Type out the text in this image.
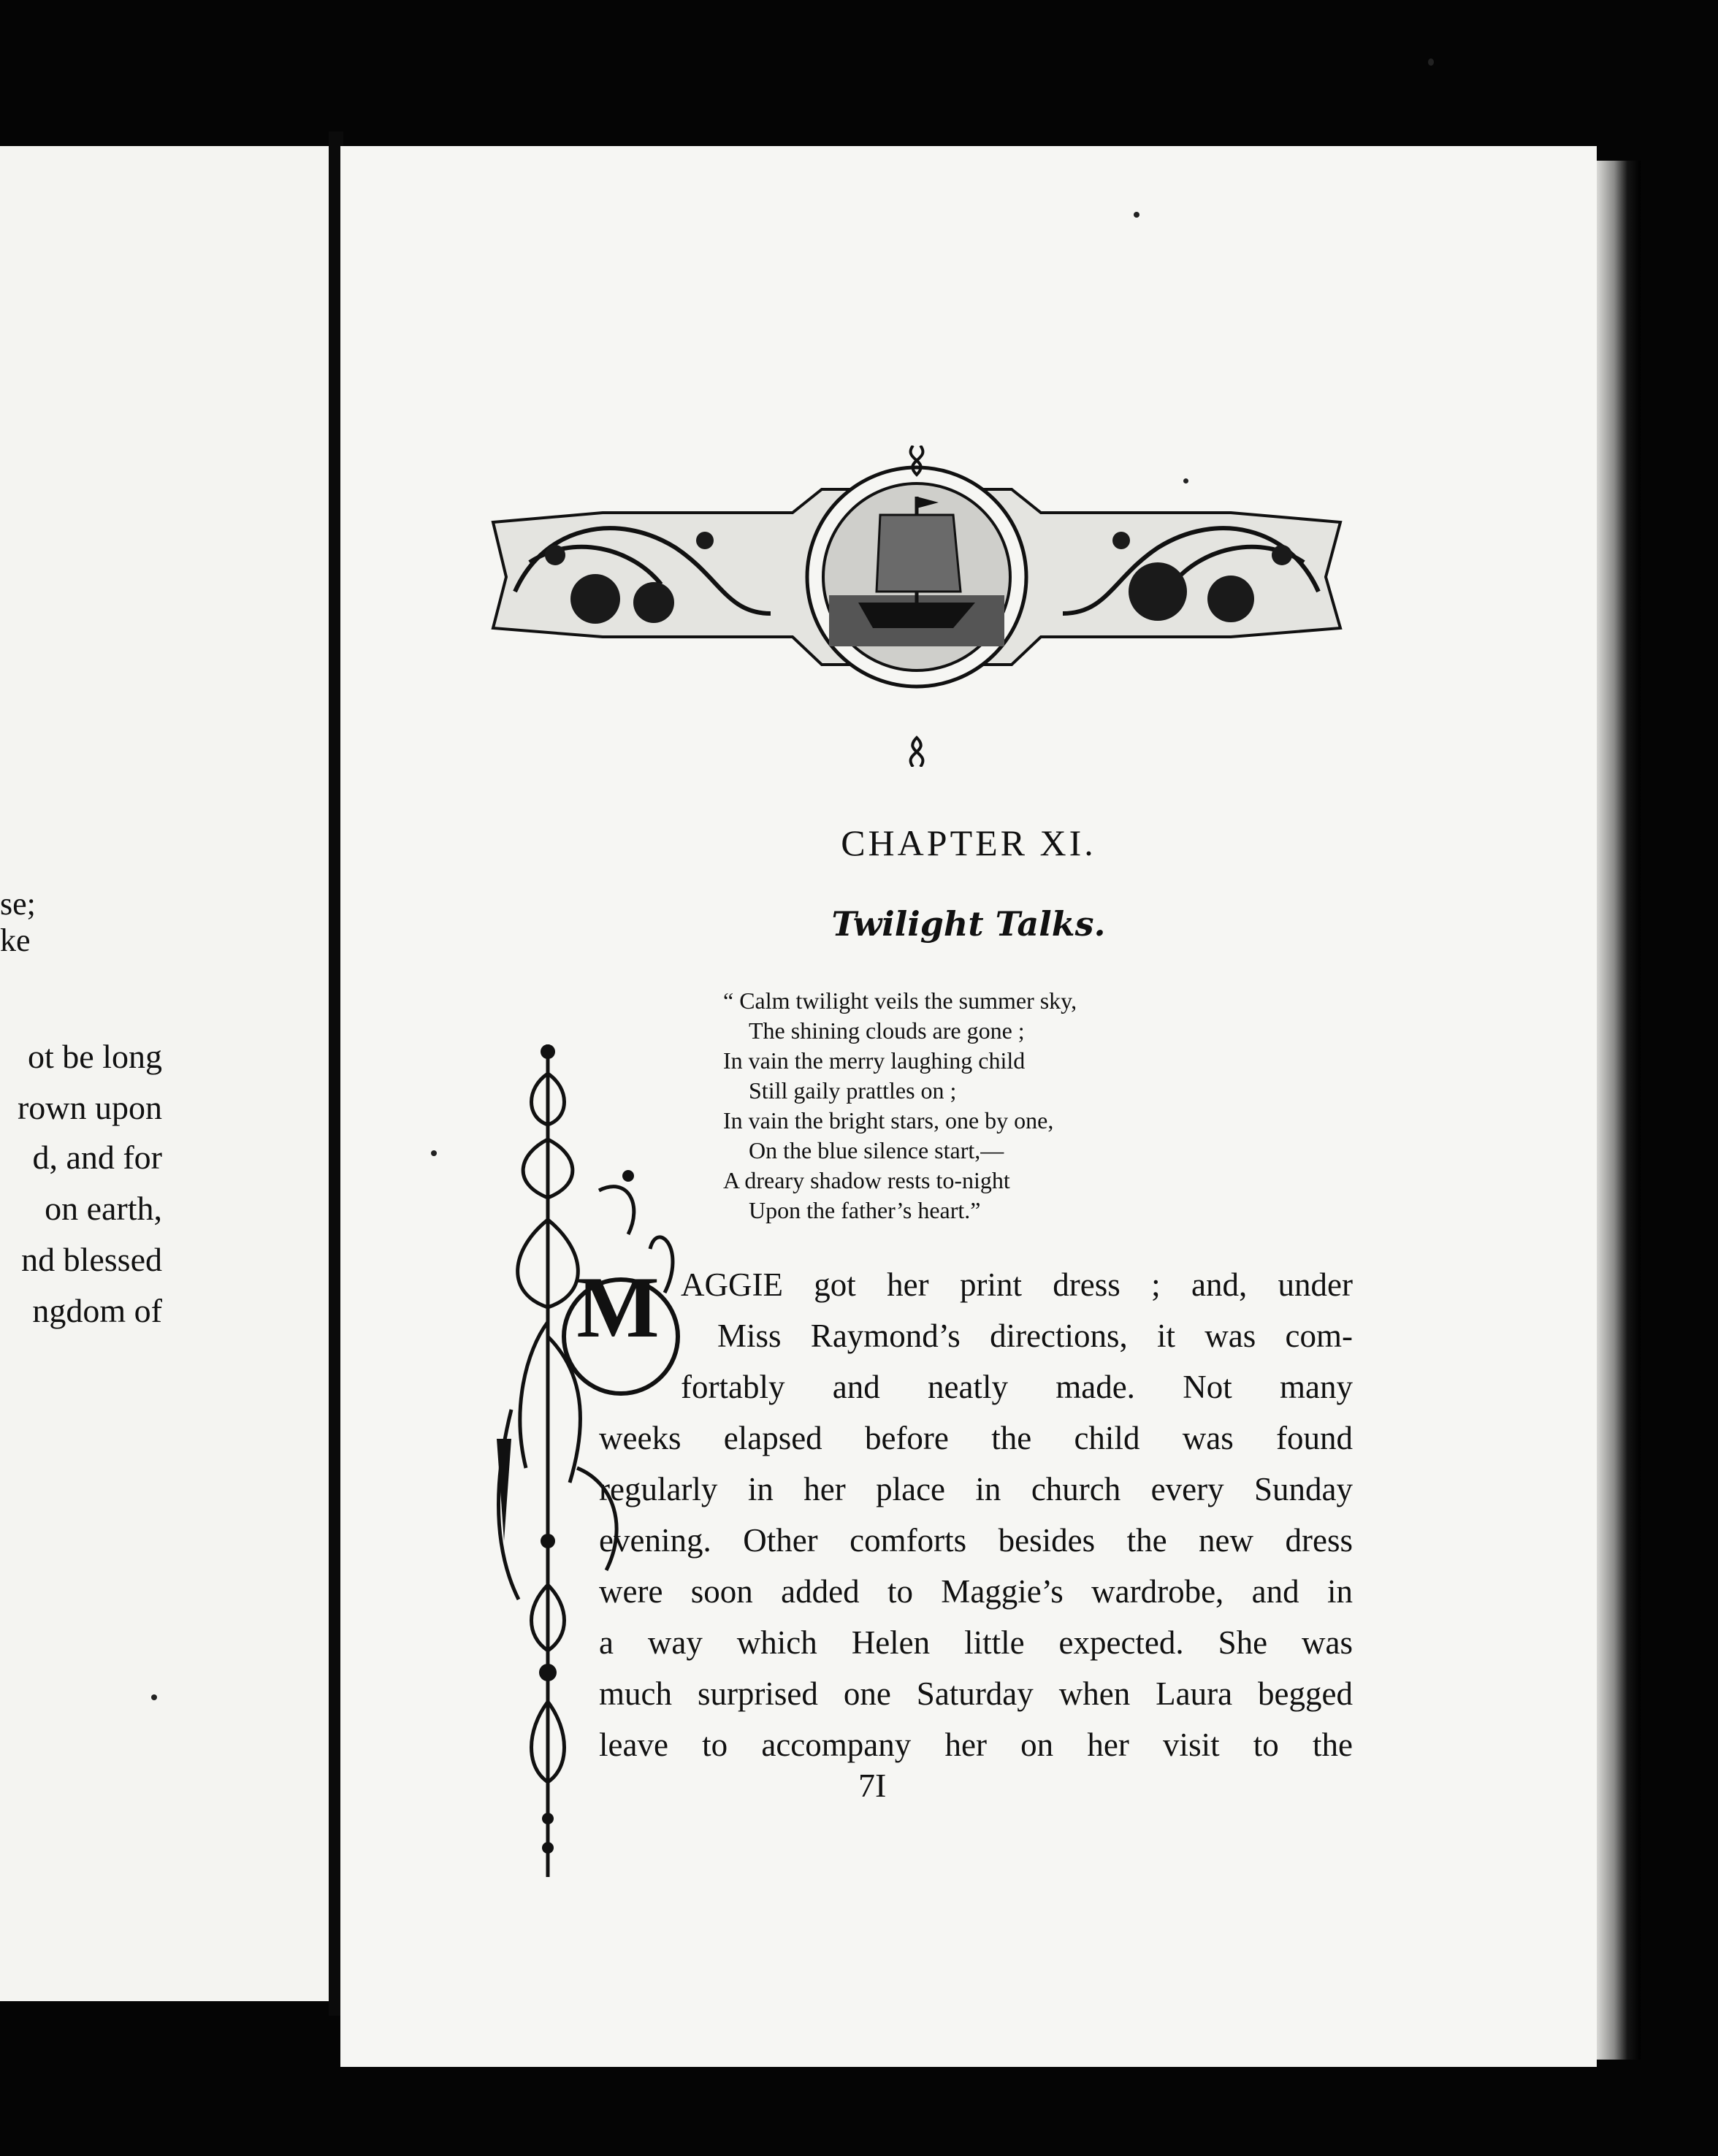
se;
ke
ot be long
rown upon
d, and for
on earth,
nd blessed
ngdom of
CHAPTER XI.
Twilight Talks.
“ Calm twilight veils the summer sky,
The shining clouds are gone ;
In vain the merry laughing child
Still gaily prattles on ;
In vain the bright stars, one by one,
On the blue silence start,—
A dreary shadow rests to-night
Upon the father’s heart.”
M AGGIE got her print dress ; and, under
Miss Raymond’s directions, it was com-
fortably and neatly made. Not many
weeks elapsed before the child was found
regularly in her place in church every Sunday
evening. Other comforts besides the new dress
were soon added to Maggie’s wardrobe, and in
a way which Helen little expected. She was
much surprised one Saturday when Laura begged
leave to accompany her on her visit to the
7I
